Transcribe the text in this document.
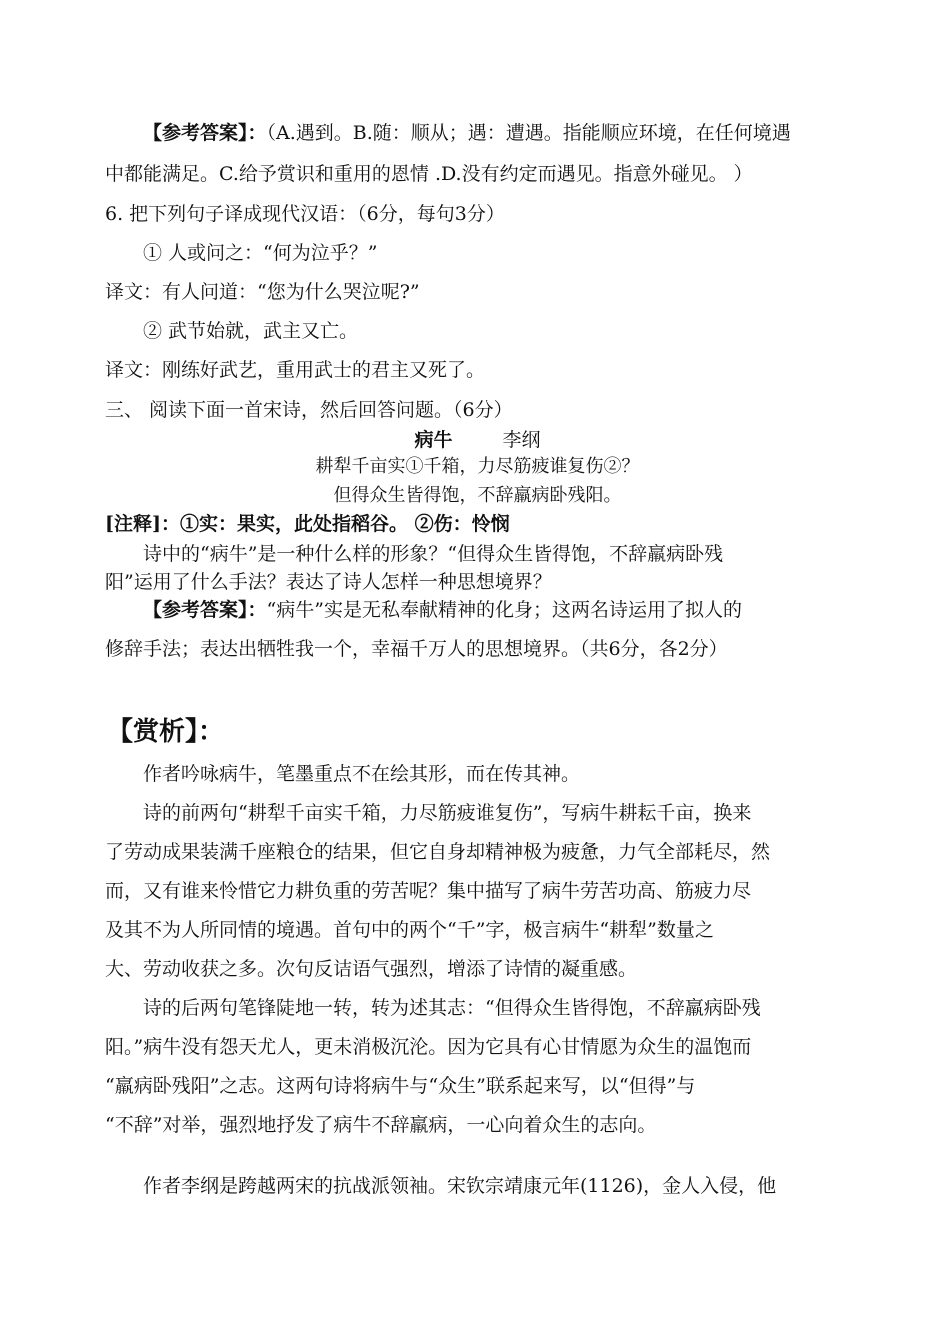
【参考答案】：（A.遇到。B.随：顺从；遇：遭遇。指能顺应环境，在任何境遇
中都能满足。C.给予赏识和重用的恩情 .D.没有约定而遇见。指意外碰见。 ）
6. 把下列句子译成现代汉语：（6分，每句3分）
① 人或问之：“何为泣乎？”
译文：有人问道：“您为什么哭泣呢?”
② 武节始就，武主又亡。
译文：刚练好武艺，重用武士的君主又死了。
三、 阅读下面一首宋诗，然后回答问题。（6分）
病牛	李纲
耕犁千亩实①千箱，力尽筋疲谁复伤②？
但得众生皆得饱，不辞羸病卧残阳。
[注释]：①实：果实，此处指稻谷。 ②伤：怜悯
诗中的“病牛”是一种什么样的形象？“但得众生皆得饱，不辞羸病卧残
阳”运用了什么手法？表达了诗人怎样一种思想境界？
【参考答案】：“病牛”实是无私奉献精神的化身；这两名诗运用了拟人的
修辞手法；表达出牺牲我一个，幸福千万人的思想境界。（共6分，各2分）
【赏析】：
作者吟咏病牛，笔墨重点不在绘其形，而在传其神。
诗的前两句“耕犁千亩实千箱，力尽筋疲谁复伤”，写病牛耕耘千亩，换来
了劳动成果装满千座粮仓的结果，但它自身却精神极为疲惫，力气全部耗尽，然
而，又有谁来怜惜它力耕负重的劳苦呢？集中描写了病牛劳苦功高、筋疲力尽
及其不为人所同情的境遇。首句中的两个“千”字，极言病牛“耕犁”数量之
大、劳动收获之多。次句反诘语气强烈，增添了诗情的凝重感。
诗的后两句笔锋陡地一转，转为述其志：“但得众生皆得饱，不辞羸病卧残
阳。”病牛没有怨天尤人，更未消极沉沦。因为它具有心甘情愿为众生的温饱而
“羸病卧残阳”之志。这两句诗将病牛与“众生”联系起来写，以“但得”与
“不辞”对举，强烈地抒发了病牛不辞羸病，一心向着众生的志向。
作者李纲是跨越两宋的抗战派领袖。宋钦宗靖康元年(1126)，金人入侵，他
